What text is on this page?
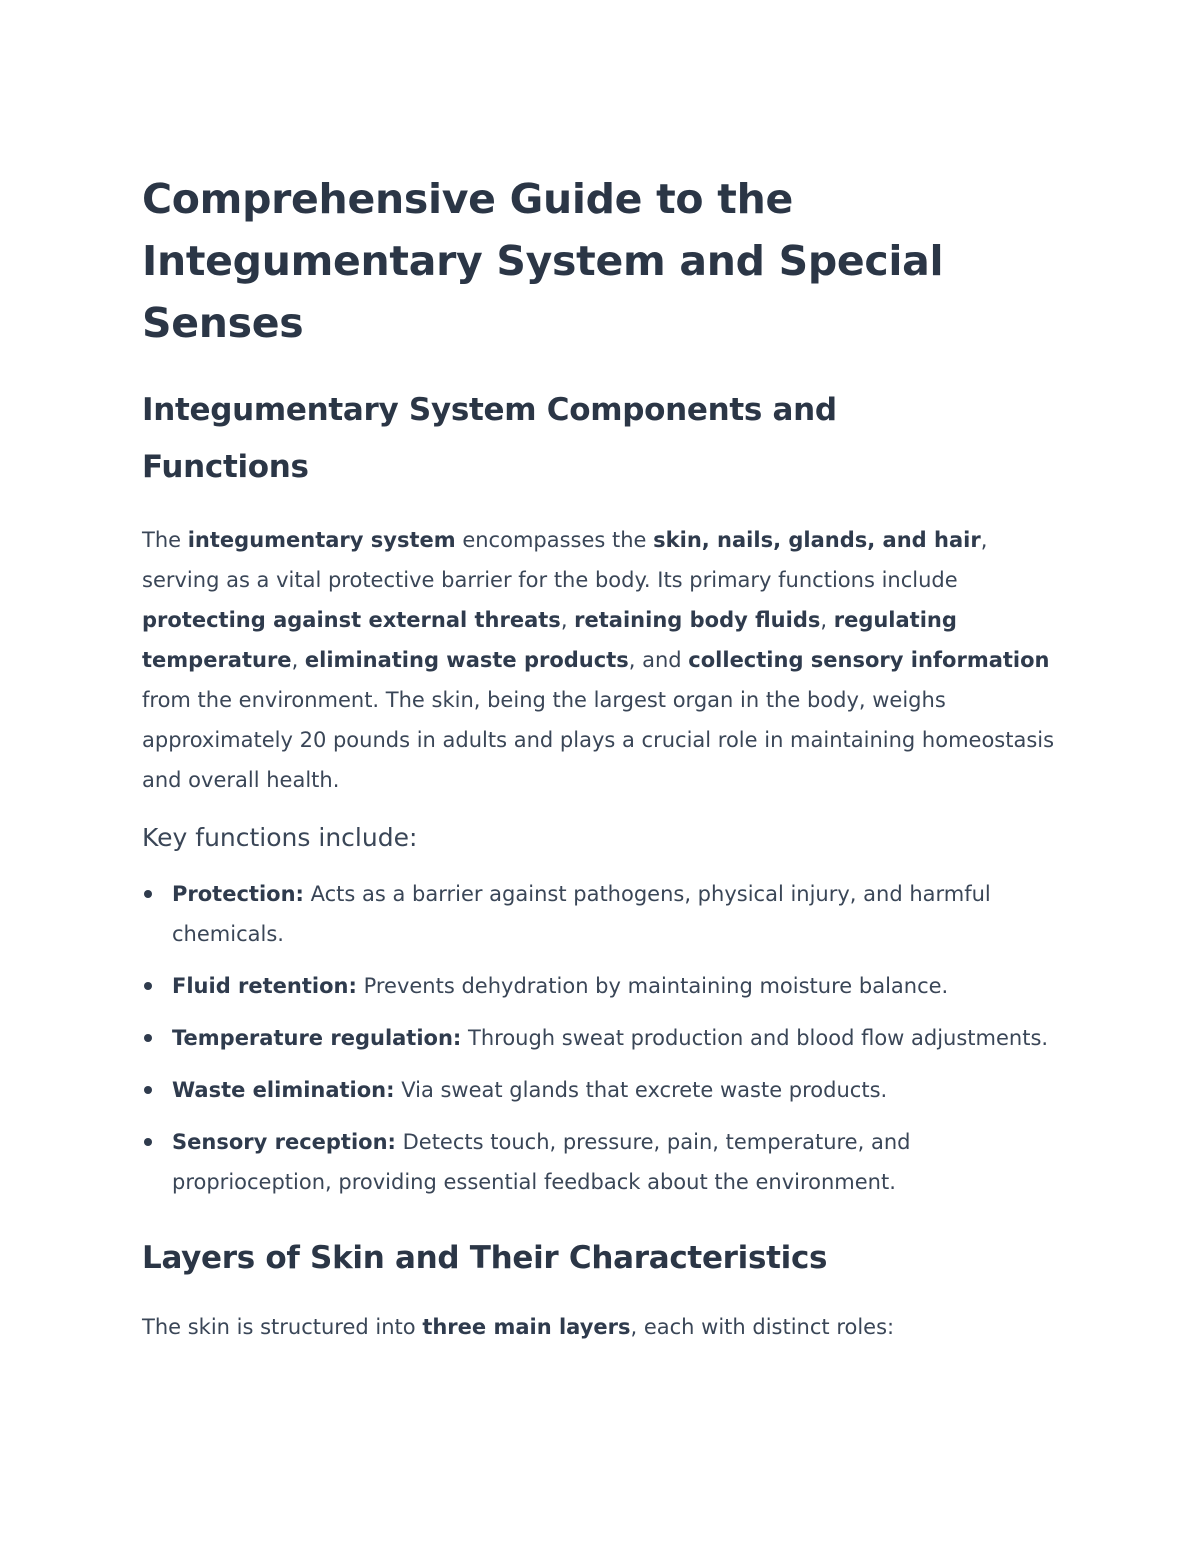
Comprehensive Guide to the
Integumentary System and Special
Senses
Integumentary System Components and
Functions

The integumentary system encompasses the skin, nails, glands, and hair, serving as a vital protective barrier for the body. Its primary functions include protecting against external threats, retaining body fluids, regulating temperature, eliminating waste products, and collecting sensory information from the environment. The skin, being the largest organ in the body, weighs approximately 20 pounds in adults and plays a crucial role in maintaining homeostasis and overall health.

Key functions include:

Protection: Acts as a barrier against pathogens, physical injury, and harmful chemicals.
Fluid retention: Prevents dehydration by maintaining moisture balance.
Temperature regulation: Through sweat production and blood flow adjustments.
Waste elimination: Via sweat glands that excrete waste products.
Sensory reception: Detects touch, pressure, pain, temperature, and proprioception, providing essential feedback about the environment.
Layers of Skin and Their Characteristics

The skin is structured into three main layers, each with distinct roles:
